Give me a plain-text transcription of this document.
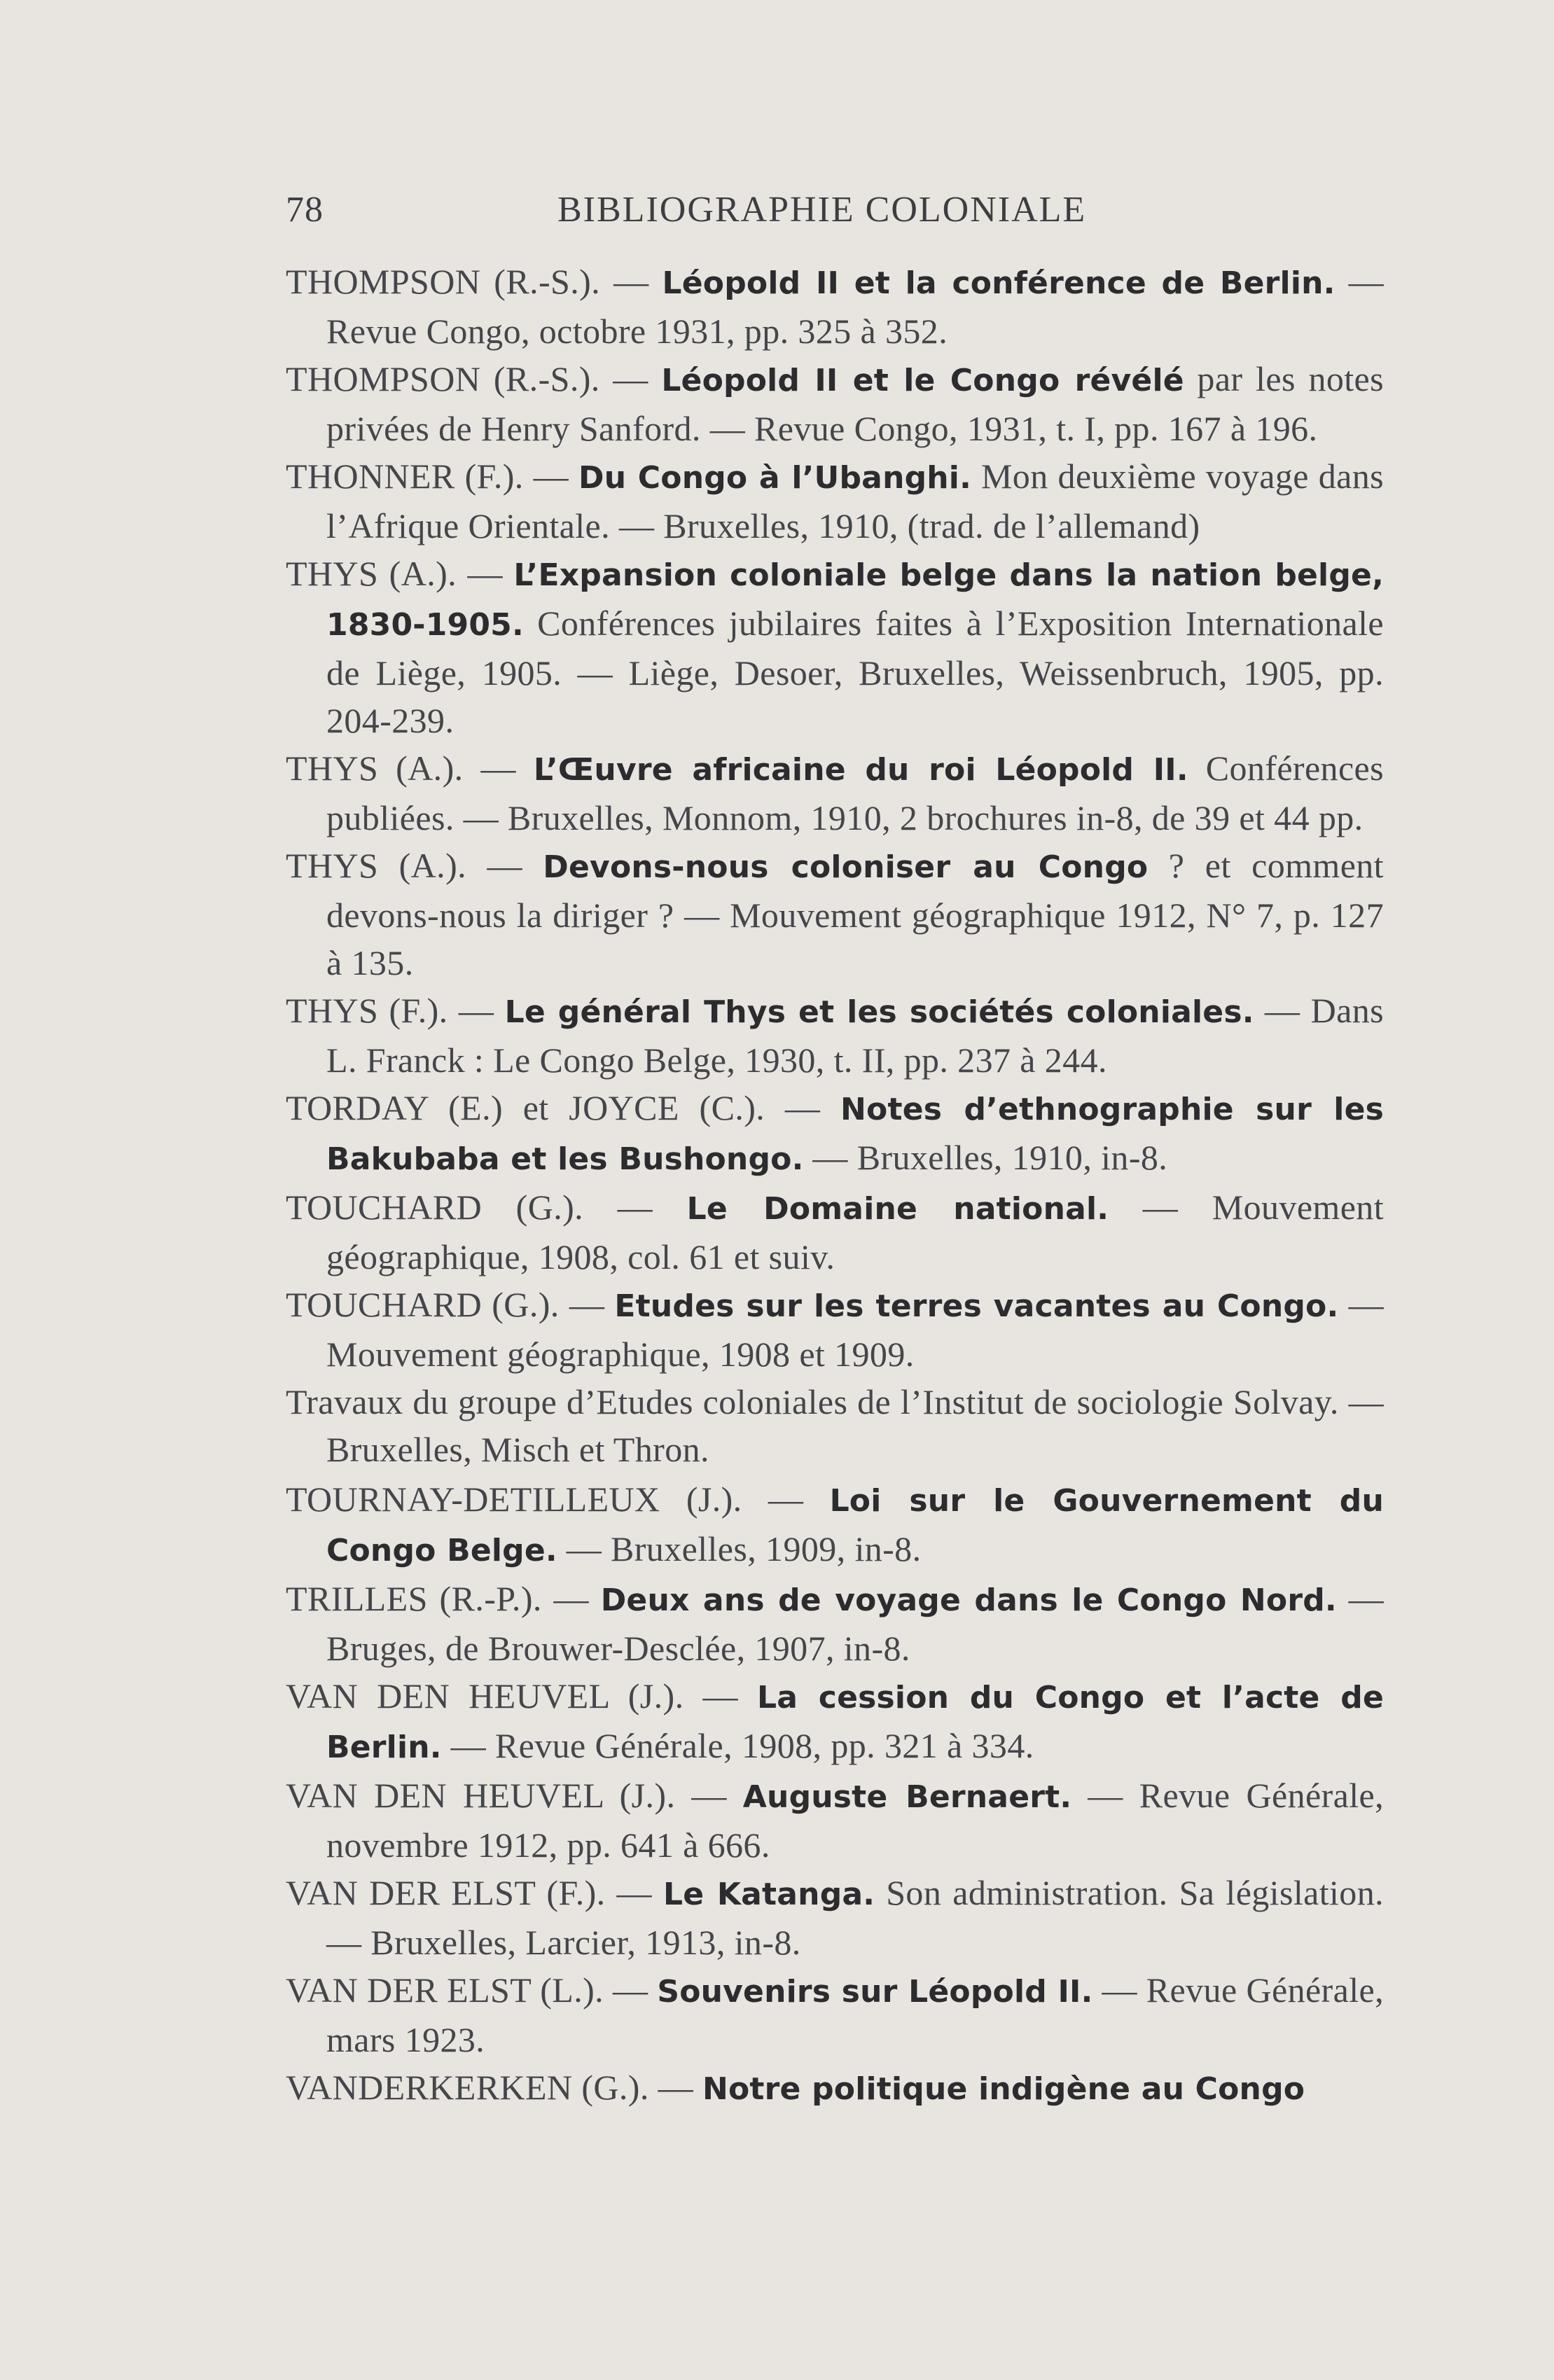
78	BIBLIOGRAPHIE COLONIALE

THOMPSON (R.-S.). — Léopold II et la conférence de Berlin. — Revue Congo, octobre 1931, pp. 325 à 352.

THOMPSON (R.-S.). — Léopold II et le Congo révélé par les notes privées de Henry Sanford. — Revue Congo, 1931, t. I, pp. 167 à 196.

THONNER (F.). — Du Congo à l’Ubanghi. Mon deuxième voyage dans l’Afrique Orientale. — Bruxelles, 1910, (trad. de l’allemand)

THYS (A.). — L’Expansion coloniale belge dans la nation belge, 1830-1905. Conférences jubilaires faites à l’Exposition Internationale de Liège, 1905. — Liège, Desoer, Bruxelles, Weissenbruch, 1905, pp. 204-239.

THYS (A.). — L’Œuvre africaine du roi Léopold II. Conférences publiées. — Bruxelles, Monnom, 1910, 2 brochures in-8, de 39 et 44 pp.

THYS (A.). — Devons-nous coloniser au Congo ? et comment devons-nous la diriger ? — Mouvement géographique 1912, N° 7, p. 127 à 135.

THYS (F.). — Le général Thys et les sociétés coloniales. — Dans L. Franck : Le Congo Belge, 1930, t. II, pp. 237 à 244.

TORDAY (E.) et JOYCE (C.). — Notes d’ethnographie sur les Bakubaba et les Bushongo. — Bruxelles, 1910, in-8.

TOUCHARD (G.). — Le Domaine national. — Mouvement géographique, 1908, col. 61 et suiv.

TOUCHARD (G.). — Etudes sur les terres vacantes au Congo. — Mouvement géographique, 1908 et 1909.

Travaux du groupe d’Etudes coloniales de l’Institut de sociologie Solvay. — Bruxelles, Misch et Thron.

TOURNAY-DETILLEUX (J.). — Loi sur le Gouvernement du Congo Belge. — Bruxelles, 1909, in-8.

TRILLES (R.-P.). — Deux ans de voyage dans le Congo Nord. — Bruges, de Brouwer-Desclée, 1907, in-8.

VAN DEN HEUVEL (J.). — La cession du Congo et l’acte de Berlin. — Revue Générale, 1908, pp. 321 à 334.

VAN DEN HEUVEL (J.). — Auguste Bernaert. — Revue Générale, novembre 1912, pp. 641 à 666.

VAN DER ELST (F.). — Le Katanga. Son administration. Sa législation. — Bruxelles, Larcier, 1913, in-8.

VAN DER ELST (L.). — Souvenirs sur Léopold II. — Revue Générale, mars 1923.

VANDERKERKEN (G.). — Notre politique indigène au Congo
